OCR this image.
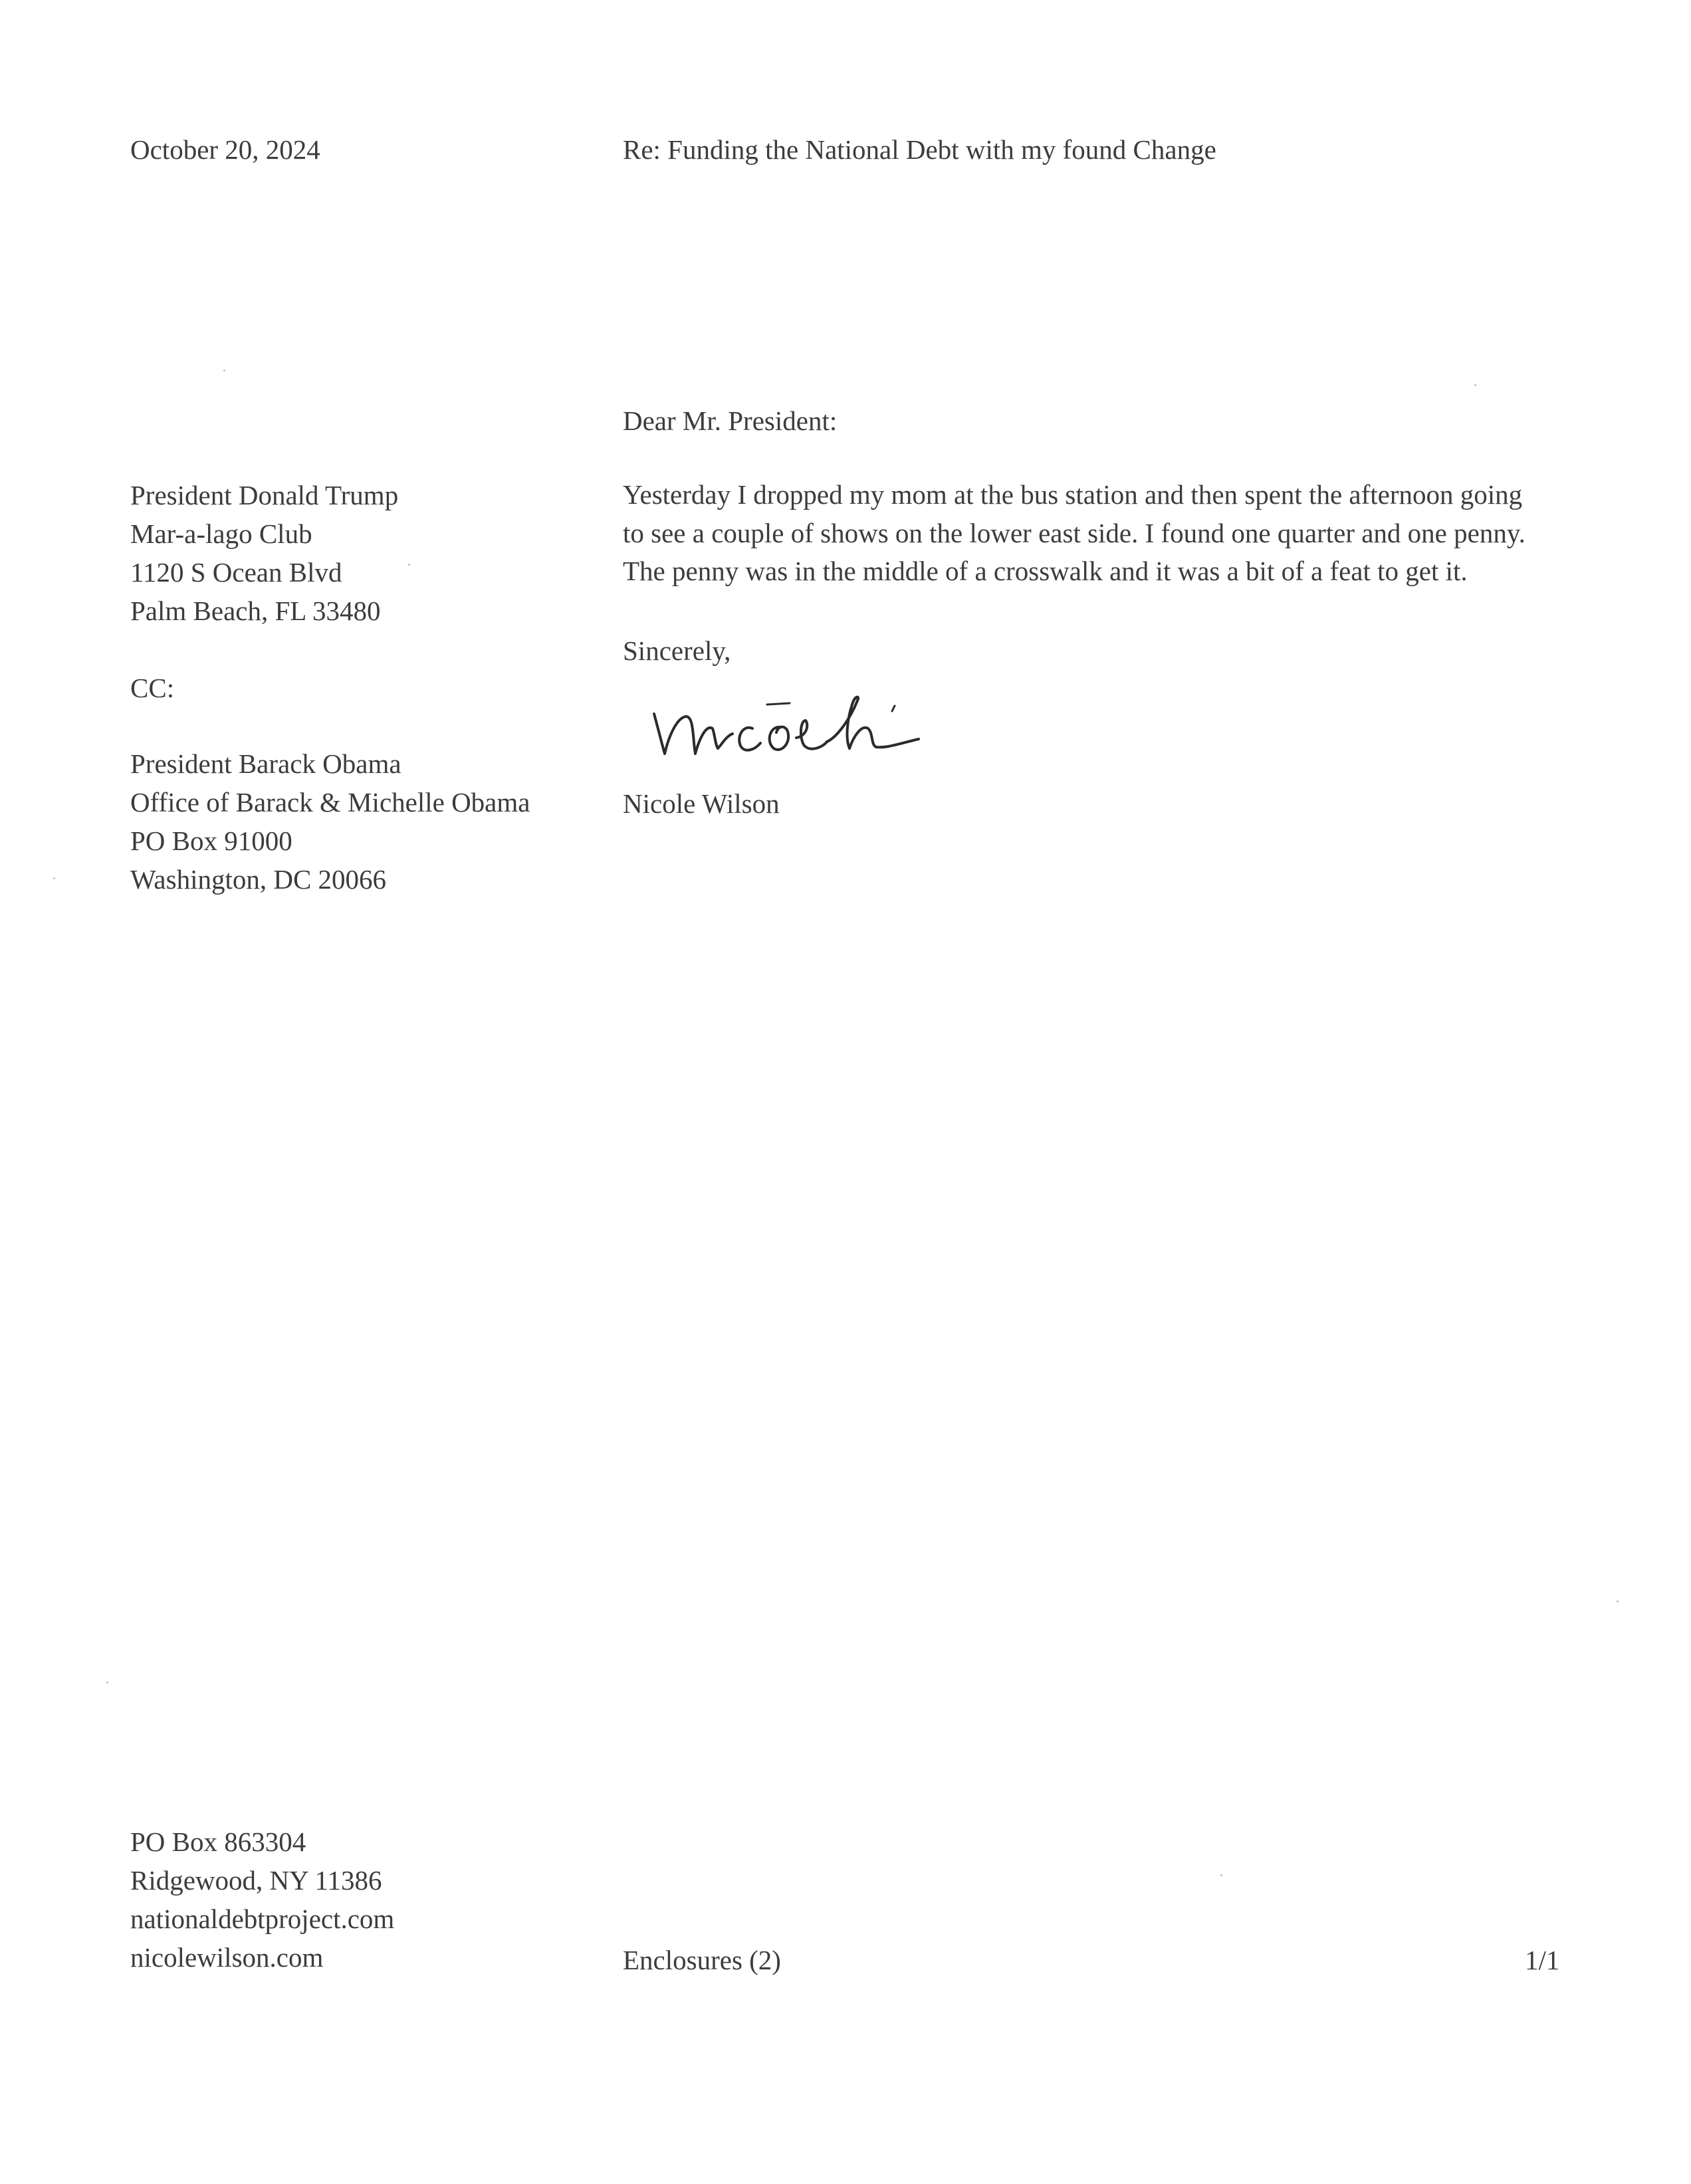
October 20, 2024	Re: Funding the National Debt with my found Change
Dear Mr. President:
President Donald Trump
Mar-a-lago Club
1120 S Ocean Blvd
Palm Beach, FL 33480
Yesterday I dropped my mom at the bus station and then spent the afternoon going
to see a couple of shows on the lower east side. I found one quarter and one penny.
The penny was in the middle of a crosswalk and it was a bit of a feat to get it.
Sincerely,
CC:
President Barack Obama
Office of Barack & Michelle Obama
PO Box 91000
Washington, DC 20066
Nicole Wilson
PO Box 863304
Ridgewood, NY 11386
nationaldebtproject.com
nicolewilson.com	Enclosures (2)	1/1
